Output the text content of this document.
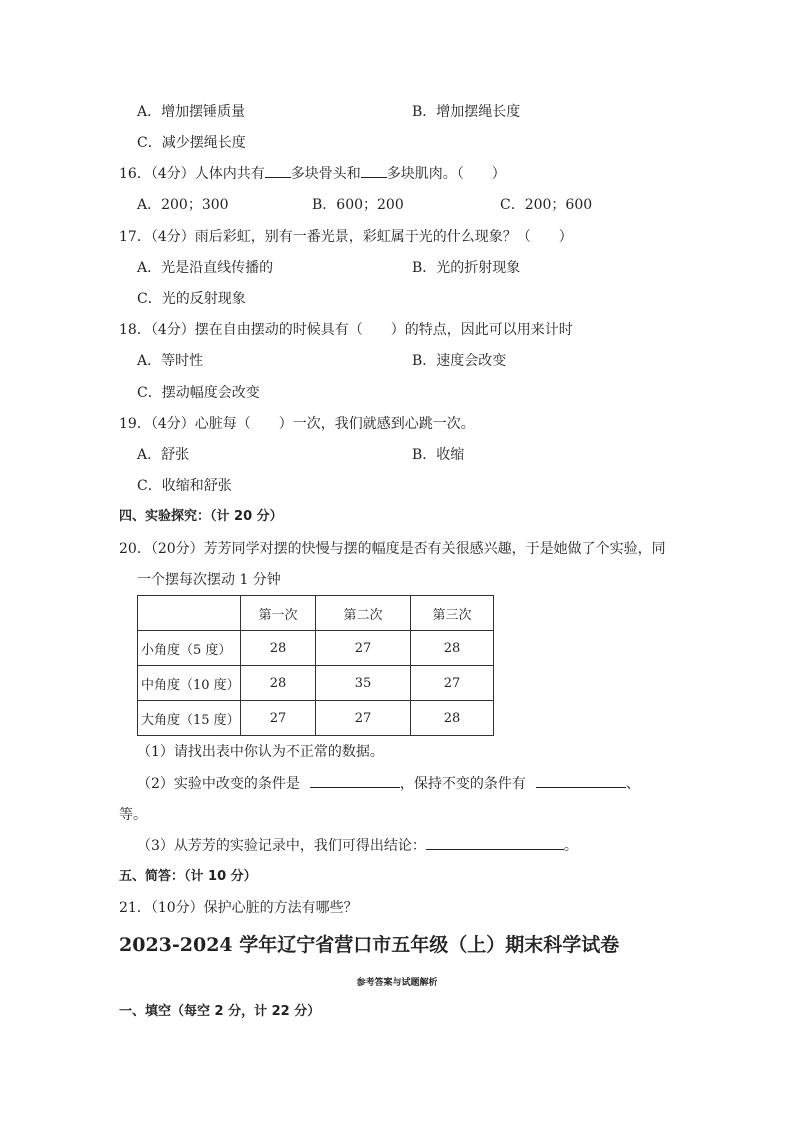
A．增加摆锤质量	B．增加摆绳长度
C．减少摆绳长度
16．（4分）人体内共有 多块骨头和 多块肌肉。（　　）
A．200；300	B．600；200	C．200；600
17．（4分）雨后彩虹，别有一番光景，彩虹属于光的什么现象？（　　）
A．光是沿直线传播的	B．光的折射现象
C．光的反射现象
18．（4分）摆在自由摆动的时候具有（　　）的特点，因此可以用来计时
A．等时性	B．速度会改变
C．摆动幅度会改变
19．（4分）心脏每（　　）一次，我们就感到心跳一次。
A．舒张	B．收缩
C．收缩和舒张
四、实验探究：（计 20 分）
20．（20分）芳芳同学对摆的快慢与摆的幅度是否有关很感兴趣，于是她做了个实验，同
一个摆每次摆动 1 分钟
	第一次	第二次	第三次
小角度（5 度）	28	27	28
中角度（10 度）	28	35	27
大角度（15 度）	27	27	28
（1）请找出表中你认为不正常的数据。
（2）实验中改变的条件是	，保持不变的条件有	、
等。
（3）从芳芳的实验记录中，我们可得出结论：	。
五、简答：（计 10 分）
21．（10分）保护心脏的方法有哪些？
2023-2024 学年辽宁省营口市五年级（上）期末科学试卷
参考答案与试题解析
一、填空（每空 2 分，计 22 分）
